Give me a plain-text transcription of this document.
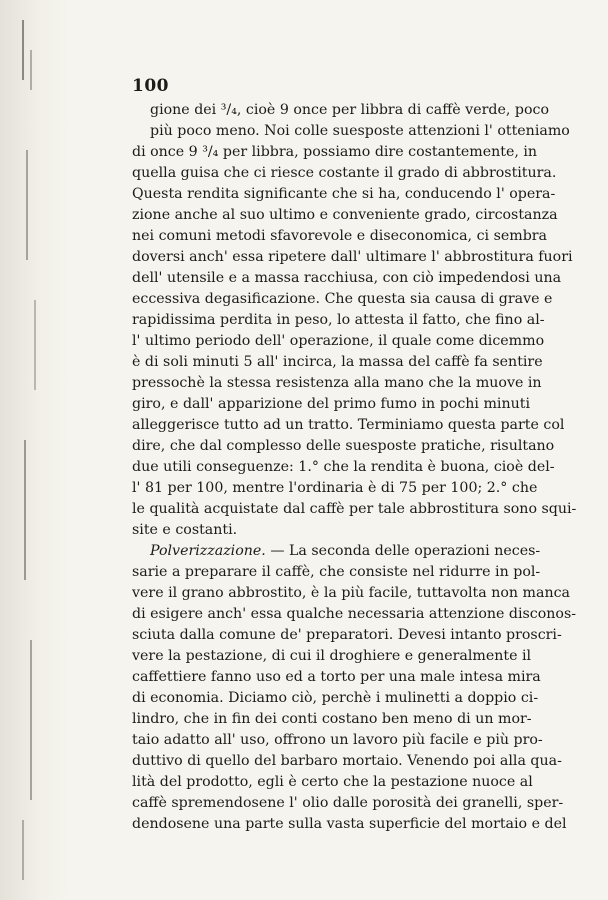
100
gione dei ³/₄, cioè 9 once per libbra di caffè verde, poco
più poco meno. Noi colle suesposte attenzioni l' otteniamo
di once 9 ³/₄ per libbra, possiamo dire costantemente, in
quella guisa che ci riesce costante il grado di abbrostitura.
Questa rendita significante che si ha, conducendo l' opera-
zione anche al suo ultimo e conveniente grado, circostanza
nei comuni metodi sfavorevole e diseconomica, ci sembra
doversi anch' essa ripetere dall' ultimare l' abbrostitura fuori
dell' utensile e a massa racchiusa, con ciò impedendosi una
eccessiva degasificazione. Che questa sia causa di grave e
rapidissima perdita in peso, lo attesta il fatto, che fino al-
l' ultimo periodo dell' operazione, il quale come dicemmo
è di soli minuti 5 all' incirca, la massa del caffè fa sentire
pressochè la stessa resistenza alla mano che la muove in
giro, e dall' apparizione del primo fumo in pochi minuti
alleggerisce tutto ad un tratto. Terminiamo questa parte col
dire, che dal complesso delle suesposte pratiche, risultano
due utili conseguenze: 1.° che la rendita è buona, cioè del-
l' 81 per 100, mentre l'ordinaria è di 75 per 100; 2.° che
le qualità acquistate dal caffè per tale abbrostitura sono squi-
site e costanti.
Polverizzazione. — La seconda delle operazioni neces-
sarie a preparare il caffè, che consiste nel ridurre in pol-
vere il grano abbrostito, è la più facile, tuttavolta non manca
di esigere anch' essa qualche necessaria attenzione disconos-
sciuta dalla comune de' preparatori. Devesi intanto proscri-
vere la pestazione, di cui il droghiere e generalmente il
caffettiere fanno uso ed a torto per una male intesa mira
di economia. Diciamo ciò, perchè i mulinetti a doppio ci-
lindro, che in fin dei conti costano ben meno di un mor-
taio adatto all' uso, offrono un lavoro più facile e più pro-
duttivo di quello del barbaro mortaio. Venendo poi alla qua-
lità del prodotto, egli è certo che la pestazione nuoce al
caffè spremendosene l' olio dalle porosità dei granelli, sper-
dendosene una parte sulla vasta superficie del mortaio e del
